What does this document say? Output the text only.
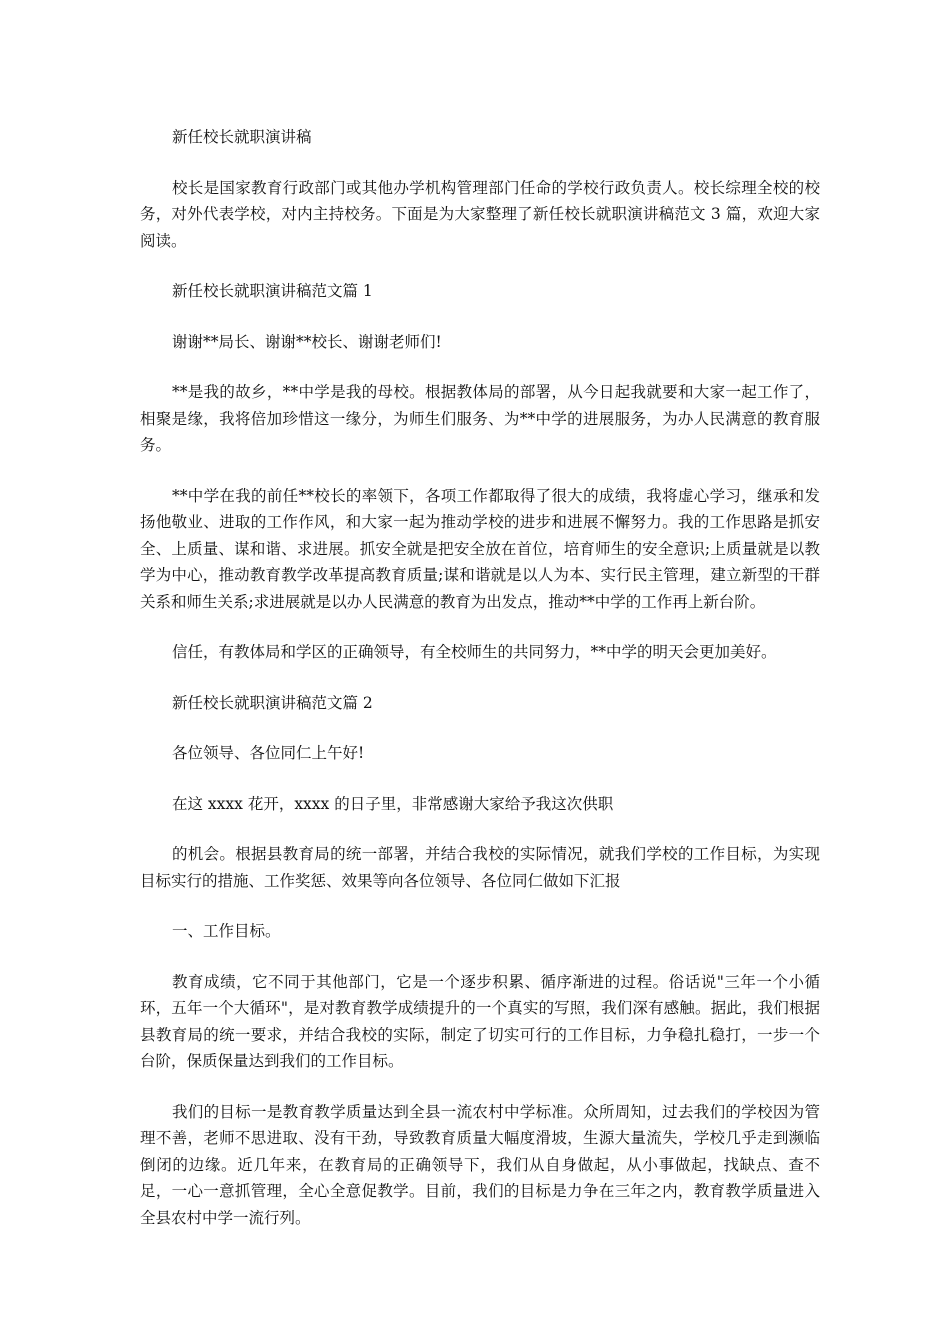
新任校长就职演讲稿

校长是国家教育行政部门或其他办学机构管理部门任命的学校行政负责人。校长综理全校的校务，对外代表学校，对内主持校务。下面是为大家整理了新任校长就职演讲稿范文 3 篇，欢迎大家阅读。

新任校长就职演讲稿范文篇 1

谢谢**局长、谢谢**校长、谢谢老师们!

**是我的故乡，**中学是我的母校。根据教体局的部署，从今日起我就要和大家一起工作了，相聚是缘，我将倍加珍惜这一缘分，为师生们服务、为**中学的进展服务，为办人民满意的教育服务。

**中学在我的前任**校长的率领下，各项工作都取得了很大的成绩，我将虚心学习，继承和发扬他敬业、进取的工作作风，和大家一起为推动学校的进步和进展不懈努力。我的工作思路是抓安全、上质量、谋和谐、求进展。抓安全就是把安全放在首位，培育师生的安全意识;上质量就是以教学为中心，推动教育教学改革提高教育质量;谋和谐就是以人为本、实行民主管理，建立新型的干群关系和师生关系;求进展就是以办人民满意的教育为出发点，推动**中学的工作再上新台阶。

信任，有教体局和学区的正确领导，有全校师生的共同努力，**中学的明天会更加美好。

新任校长就职演讲稿范文篇 2

各位领导、各位同仁上午好!

在这 xxxx 花开，xxxx 的日子里，非常感谢大家给予我这次供职

的机会。根据县教育局的统一部署，并结合我校的实际情况，就我们学校的工作目标，为实现目标实行的措施、工作奖惩、效果等向各位领导、各位同仁做如下汇报

一、工作目标。

教育成绩，它不同于其他部门，它是一个逐步积累、循序渐进的过程。俗话说"三年一个小循环，五年一个大循环"，是对教育教学成绩提升的一个真实的写照，我们深有感触。据此，我们根据县教育局的统一要求，并结合我校的实际，制定了切实可行的工作目标，力争稳扎稳打，一步一个台阶，保质保量达到我们的工作目标。

我们的目标一是教育教学质量达到全县一流农村中学标准。众所周知，过去我们的学校因为管理不善，老师不思进取、没有干劲，导致教育质量大幅度滑坡，生源大量流失，学校几乎走到濒临倒闭的边缘。近几年来，在教育局的正确领导下，我们从自身做起，从小事做起，找缺点、查不足，一心一意抓管理，全心全意促教学。目前，我们的目标是力争在三年之内，教育教学质量进入全县农村中学一流行列。
